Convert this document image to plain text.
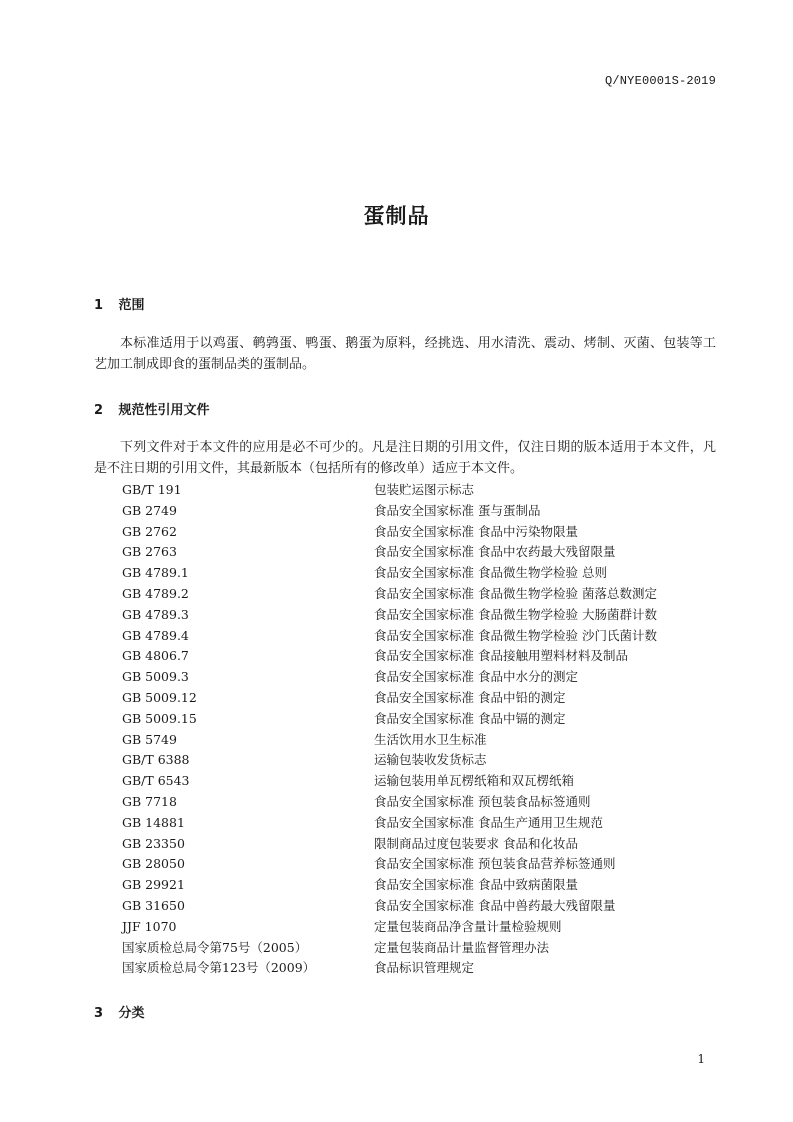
Q/NYE0001S-2019
蛋制品
1 范围
本标准适用于以鸡蛋、鹌鹑蛋、鸭蛋、鹅蛋为原料，经挑选、用水清洗、震动、烤制、灭菌、包装等工艺加工制成即食的蛋制品类的蛋制品。
2 规范性引用文件
下列文件对于本文件的应用是必不可少的。凡是注日期的引用文件，仅注日期的版本适用于本文件，凡是不注日期的引用文件，其最新版本（包括所有的修改单）适应于本文件。
GB/T 191	包装贮运图示标志
GB 2749	食品安全国家标准 蛋与蛋制品
GB 2762	食品安全国家标准 食品中污染物限量
GB 2763	食品安全国家标准 食品中农药最大残留限量
GB 4789.1	食品安全国家标准 食品微生物学检验 总则
GB 4789.2	食品安全国家标准 食品微生物学检验 菌落总数测定
GB 4789.3	食品安全国家标准 食品微生物学检验 大肠菌群计数
GB 4789.4	食品安全国家标准 食品微生物学检验 沙门氏菌计数
GB 4806.7	食品安全国家标准 食品接触用塑料材料及制品
GB 5009.3	食品安全国家标准 食品中水分的测定
GB 5009.12	食品安全国家标准 食品中铅的测定
GB 5009.15	食品安全国家标准 食品中镉的测定
GB 5749	生活饮用水卫生标准
GB/T 6388	运输包装收发货标志
GB/T 6543	运输包装用单瓦楞纸箱和双瓦楞纸箱
GB 7718	食品安全国家标准 预包装食品标签通则
GB 14881	食品安全国家标准 食品生产通用卫生规范
GB 23350	限制商品过度包装要求 食品和化妆品
GB 28050	食品安全国家标准 预包装食品营养标签通则
GB 29921	食品安全国家标准 食品中致病菌限量
GB 31650	食品安全国家标准 食品中兽药最大残留限量
JJF 1070	定量包装商品净含量计量检验规则
国家质检总局令第75号（2005）	定量包装商品计量监督管理办法
国家质检总局令第123号（2009）	食品标识管理规定
3 分类
1
